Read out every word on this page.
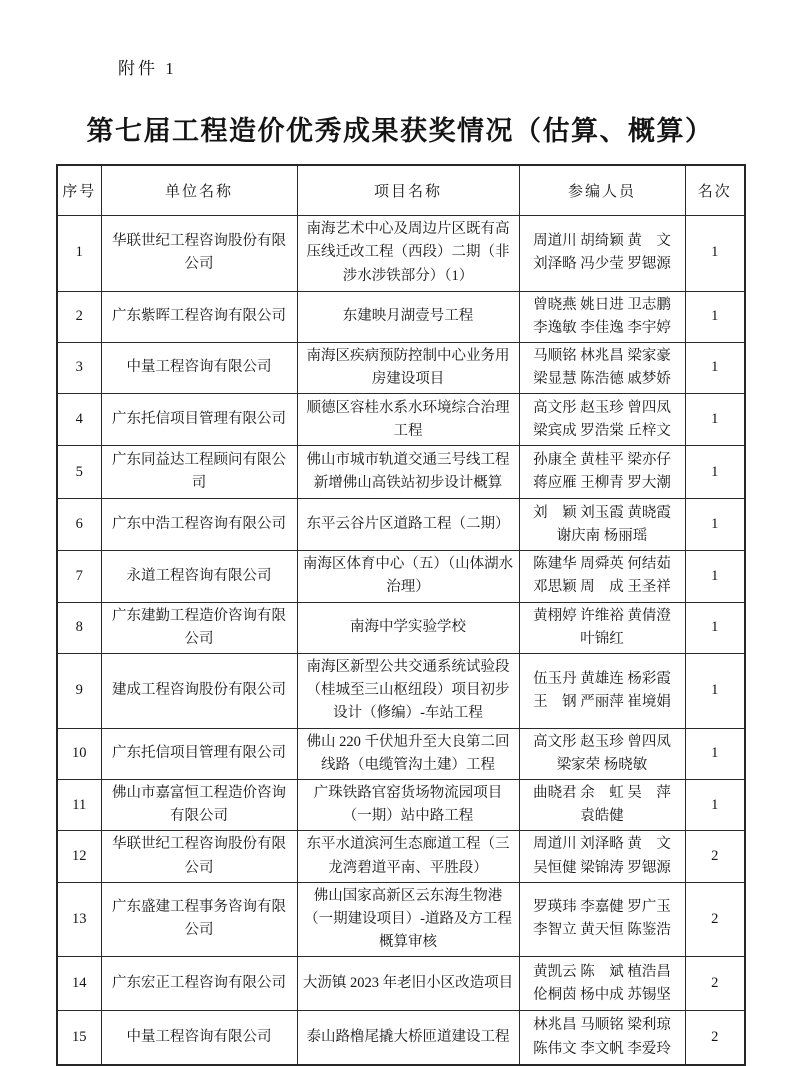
附件 1
第七届工程造价优秀成果获奖情况（估算、概算）
序号	单位名称	项目名称	参编人员	名次
1	华联世纪工程咨询股份有限公司	南海艺术中心及周边片区既有高压线迁改工程（西段）二期（非涉水涉铁部分）（1）	周道川 胡绮颖 黄　文
刘泽略 冯少莹 罗锶源	1
2	广东紫晖工程咨询有限公司	东建映月湖壹号工程	曾晓燕 姚日进 卫志鹏
李逸敏 李佳逸 李宇婷	1
3	中量工程咨询有限公司	南海区疾病预防控制中心业务用房建设项目	马顺铭 林兆昌 梁家豪
梁显慧 陈浩德 戚梦娇	1
4	广东托信项目管理有限公司	顺德区容桂水系水环境综合治理工程	高文彤 赵玉珍 曾四凤
梁宾成 罗浩棠 丘梓文	1
5	广东同益达工程顾问有限公司	佛山市城市轨道交通三号线工程新增佛山高铁站初步设计概算	孙康全 黄桂平 梁亦仔
蒋应雁 王柳青 罗大潮	1
6	广东中浩工程咨询有限公司	东平云谷片区道路工程（二期）	刘　颖 刘玉霞 黄晓霞
谢庆南 杨丽瑶	1
7	永道工程咨询有限公司	南海区体育中心（五）（山体湖水治理）	陈建华 周舜英 何结茹
邓思颖 周　成 王圣祥	1
8	广东建勤工程造价咨询有限公司	南海中学实验学校	黄栩婷 许维裕 黄倩澄
叶锦红	1
9	建成工程咨询股份有限公司	南海区新型公共交通系统试验段（桂城至三山枢纽段）项目初步设计（修编）-车站工程	伍玉丹 黄雄连 杨彩霞
王　钢 严丽萍 崔境娟	1
10	广东托信项目管理有限公司	佛山 220 千伏旭升至大良第二回线路（电缆管沟土建）工程	高文彤 赵玉珍 曾四凤
梁家荣 杨晓敏	1
11	佛山市嘉富恒工程造价咨询有限公司	广珠铁路官窑货场物流园项目（一期）站中路工程	曲晓君 余　虹 吴　萍
袁皓健	1
12	华联世纪工程咨询股份有限公司	东平水道滨河生态廊道工程（三龙湾碧道平南、平胜段）	周道川 刘泽略 黄　文
吴恒健 梁锦涛 罗锶源	2
13	广东盛建工程事务咨询有限公司	佛山国家高新区云东海生物港（一期建设项目）-道路及方工程概算审核	罗瑛玮 李嘉健 罗广玉
李智立 黄天恒 陈鉴浩	2
14	广东宏正工程咨询有限公司	大沥镇 2023 年老旧小区改造项目	黄凯云 陈　斌 植浩昌
伦桐茵 杨中成 苏锡坚	2
15	中量工程咨询有限公司	泰山路橹尾撬大桥匝道建设工程	林兆昌 马顺铭 梁利琼
陈伟文 李文帆 李爱玲	2
